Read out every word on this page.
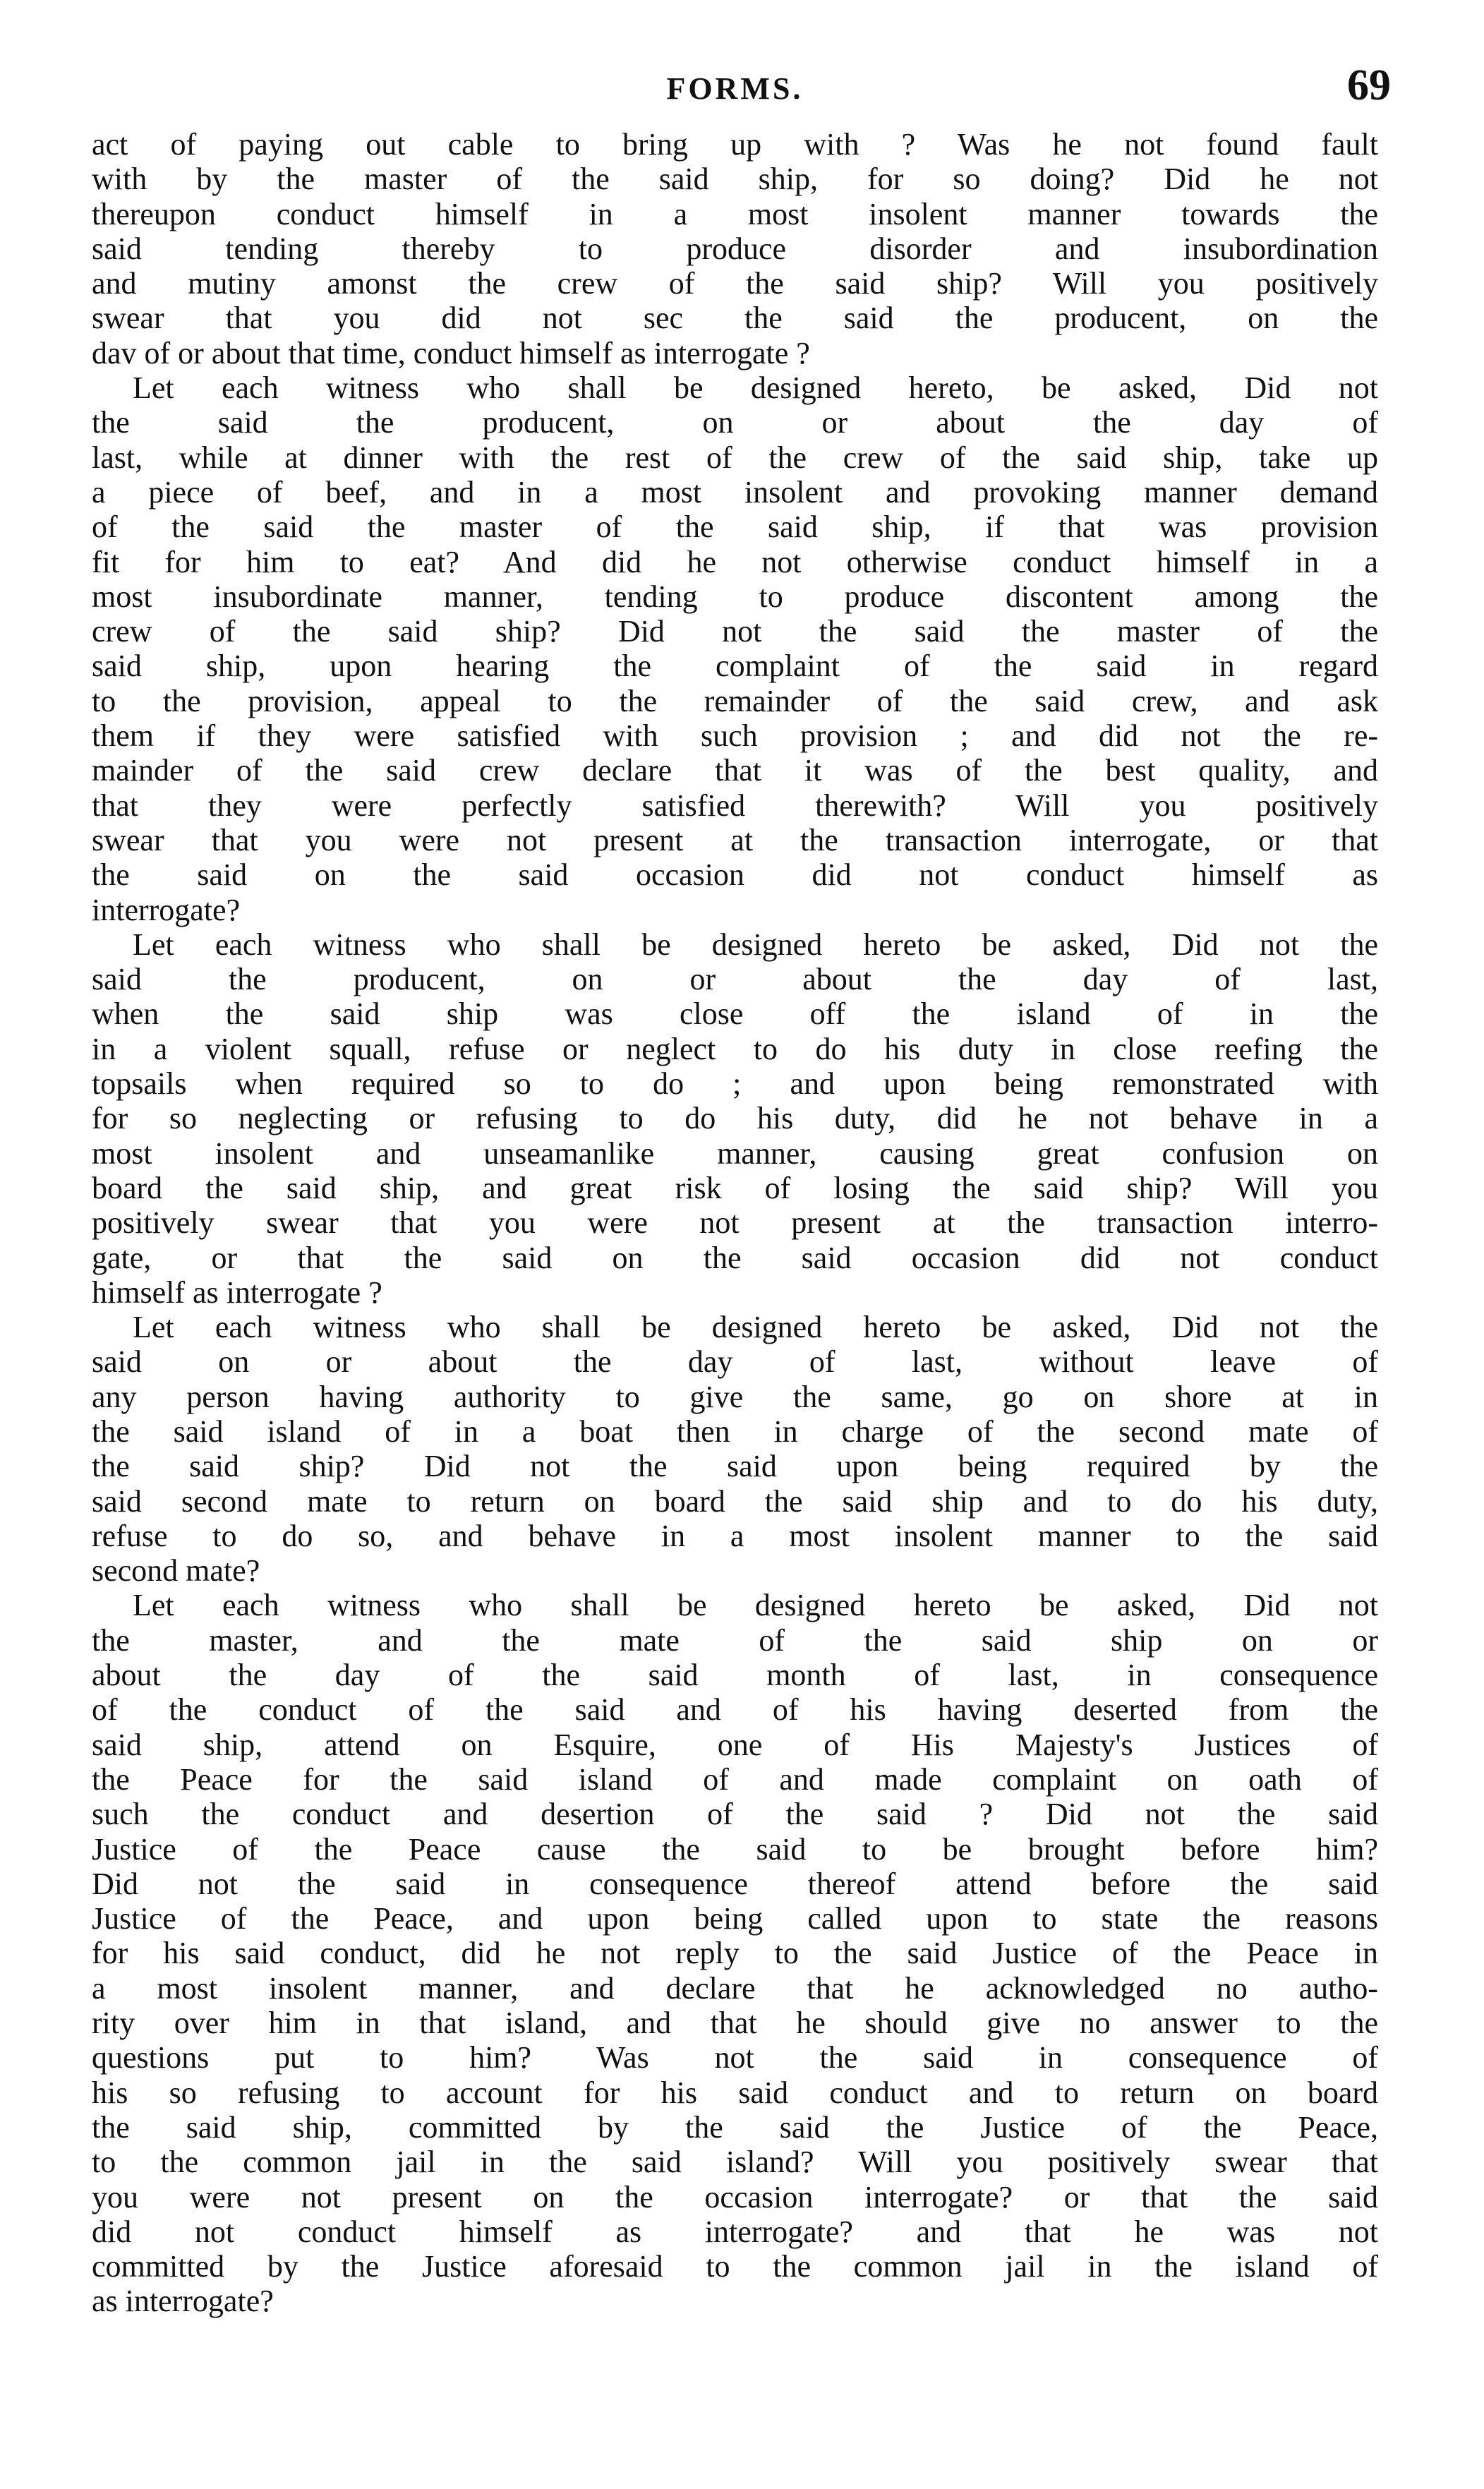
FORMS.	69
act of paying out cable to bring up with ? Was he not found fault
with by the master of the said ship, for so doing? Did he not
thereupon conduct himself in a most insolent manner towards the
said tending thereby to produce disorder and insubordination
and mutiny amonst the crew of the said ship? Will you positively
swear that you did not sec the said the producent, on the
dav of or about that time, conduct himself as interrogate ?
Let each witness who shall be designed hereto, be asked, Did not
the said the producent, on or about the day of
last, while at dinner with the rest of the crew of the said ship, take up
a piece of beef, and in a most insolent and provoking manner demand
of the said the master of the said ship, if that was provision
fit for him to eat? And did he not otherwise conduct himself in a
most insubordinate manner, tending to produce discontent among the
crew of the said ship? Did not the said the master of the
said ship, upon hearing the complaint of the said in regard
to the provision, appeal to the remainder of the said crew, and ask
them if they were satisfied with such provision ; and did not the re-
mainder of the said crew declare that it was of the best quality, and
that they were perfectly satisfied therewith? Will you positively
swear that you were not present at the transaction interrogate, or that
the said on the said occasion did not conduct himself as
interrogate?
Let each witness who shall be designed hereto be asked, Did not the
said the producent, on or about the day of last,
when the said ship was close off the island of in the
in a violent squall, refuse or neglect to do his duty in close reefing the
topsails when required so to do ; and upon being remonstrated with
for so neglecting or refusing to do his duty, did he not behave in a
most insolent and unseamanlike manner, causing great confusion on
board the said ship, and great risk of losing the said ship? Will you
positively swear that you were not present at the transaction interro-
gate, or that the said on the said occasion did not conduct
himself as interrogate ?
Let each witness who shall be designed hereto be asked, Did not the
said on or about the day of last, without leave of
any person having authority to give the same, go on shore at in
the said island of in a boat then in charge of the second mate of
the said ship? Did not the said upon being required by the
said second mate to return on board the said ship and to do his duty,
refuse to do so, and behave in a most insolent manner to the said
second mate?
Let each witness who shall be designed hereto be asked, Did not
the master, and the mate of the said ship on or
about the day of the said month of last, in consequence
of the conduct of the said and of his having deserted from the
said ship, attend on Esquire, one of His Majesty's Justices of
the Peace for the said island of and made complaint on oath of
such the conduct and desertion of the said ? Did not the said
Justice of the Peace cause the said to be brought before him?
Did not the said in consequence thereof attend before the said
Justice of the Peace, and upon being called upon to state the reasons
for his said conduct, did he not reply to the said Justice of the Peace in
a most insolent manner, and declare that he acknowledged no autho-
rity over him in that island, and that he should give no answer to the
questions put to him? Was not the said in consequence of
his so refusing to account for his said conduct and to return on board
the said ship, committed by the said the Justice of the Peace,
to the common jail in the said island? Will you positively swear that
you were not present on the occasion interrogate? or that the said
did not conduct himself as interrogate? and that he was not
committed by the Justice aforesaid to the common jail in the island of
as interrogate?
